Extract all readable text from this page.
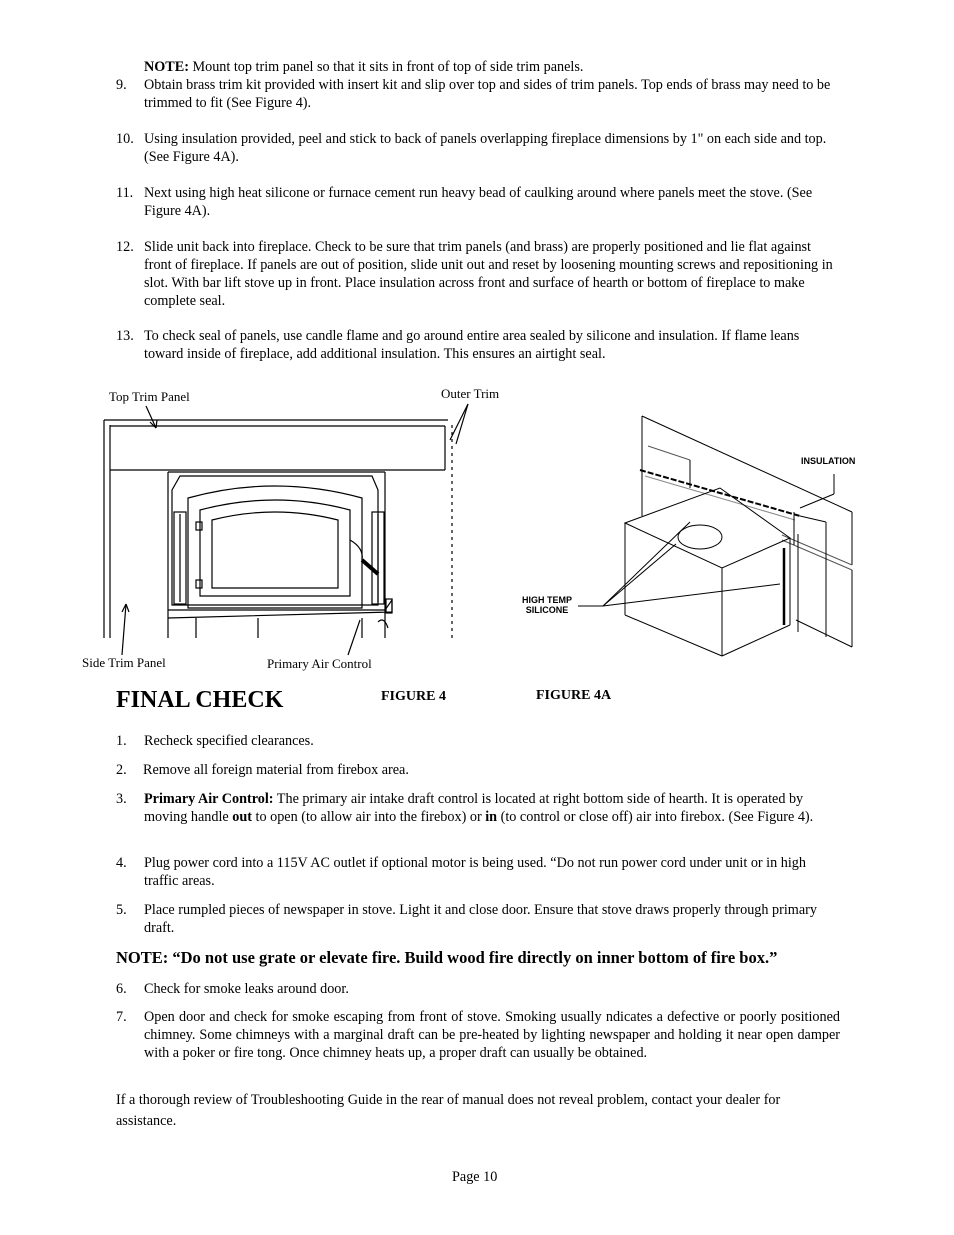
NOTE: Mount top trim panel so that it sits in front of top of side trim panels.
9. Obtain brass trim kit provided with insert kit and slip over top and sides of trim panels. Top ends of brass may need to be trimmed to fit (See Figure 4).
10. Using insulation provided, peel and stick to back of panels overlapping fireplace dimensions by 1" on each side and top. (See Figure 4A).
11. Next using high heat silicone or furnace cement run heavy bead of caulking around where panels meet the stove. (See Figure 4A).
12. Slide unit back into fireplace. Check to be sure that trim panels (and brass) are properly positioned and lie flat against front of fireplace. If panels are out of position, slide unit out and reset by loosening mounting screws and repositioning in slot. With bar lift stove up in front. Place insulation across front and surface of hearth or bottom of fireplace to make complete seal.
13. To check seal of panels, use candle flame and go around entire area sealed by silicone and insulation. If flame leans toward inside of fireplace, add additional insulation. This ensures an airtight seal.
Top Trim Panel	Outer Trim
Side Trim Panel	Primary Air Control
INSULATION
HIGH TEMP
SILICONE
FINAL CHECK	FIGURE 4	FIGURE 4A
1. Recheck specified clearances.
2. Remove all foreign material from firebox area.
3. Primary Air Control: The primary air intake draft control is located at right bottom side of hearth. It is operated by moving handle out to open (to allow air into the firebox) or in (to control or close off) air into firebox. (See Figure 4).
4. Plug power cord into a 115V AC outlet if optional motor is being used. “Do not run power cord under unit or in high traffic areas.
5. Place rumpled pieces of newspaper in stove. Light it and close door. Ensure that stove draws properly through primary draft.
NOTE: “Do not use grate or elevate fire. Build wood fire directly on inner bottom of fire box.”
6. Check for smoke leaks around door.
7. Open door and check for smoke escaping from front of stove. Smoking usually ndicates a defective or poorly positioned chimney. Some chimneys with a marginal draft can be pre-heated by lighting newspaper and holding it near open damper with a poker or fire tong. Once chimney heats up, a proper draft can usually be obtained.
If a thorough review of Troubleshooting Guide in the rear of manual does not reveal problem, contact your dealer for assistance.
Page 10
